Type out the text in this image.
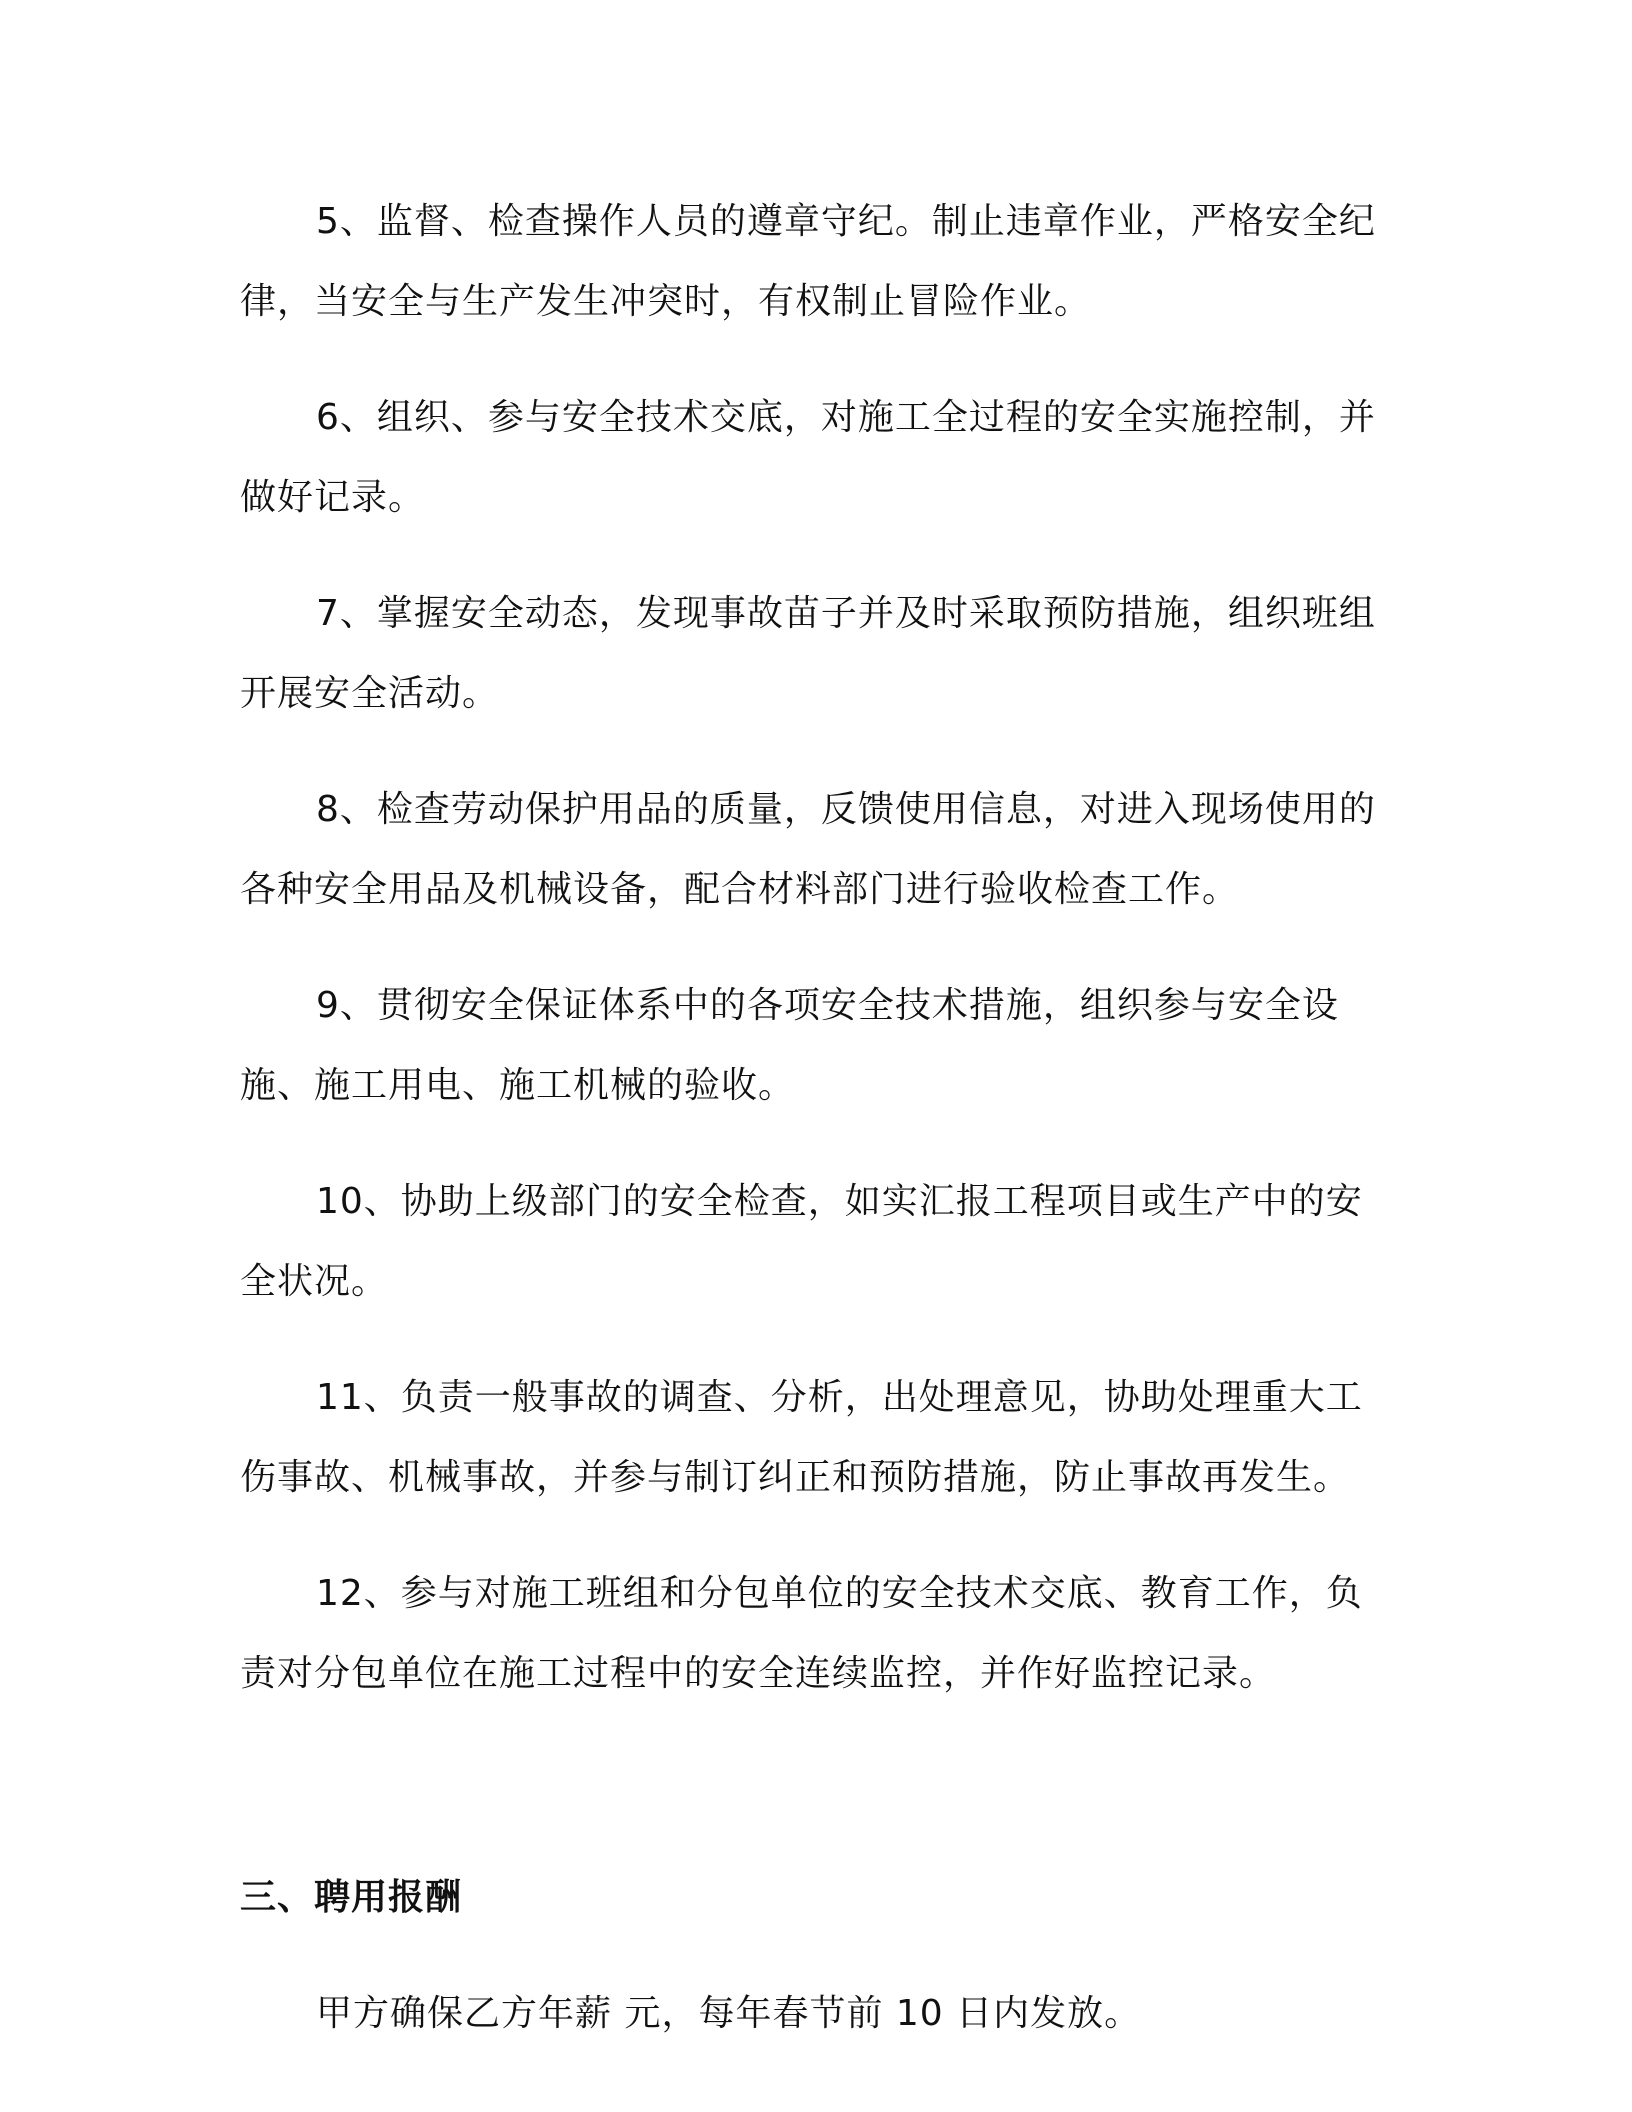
5、监督、检查操作人员的遵章守纪。制止违章作业，严格安全纪律，当安全与生产发生冲突时，有权制止冒险作业。

6、组织、参与安全技术交底，对施工全过程的安全实施控制，并做好记录。

7、掌握安全动态，发现事故苗子并及时采取预防措施，组织班组开展安全活动。

8、检查劳动保护用品的质量，反馈使用信息，对进入现场使用的各种安全用品及机械设备，配合材料部门进行验收检查工作。

9、贯彻安全保证体系中的各项安全技术措施，组织参与安全设施、施工用电、施工机械的验收。

10、协助上级部门的安全检查，如实汇报工程项目或生产中的安全状况。

11、负责一般事故的调查、分析，出处理意见，协助处理重大工伤事故、机械事故，并参与制订纠正和预防措施，防止事故再发生。

12、参与对施工班组和分包单位的安全技术交底、教育工作，负责对分包单位在施工过程中的安全连续监控，并作好监控记录。

三、聘用报酬

甲方确保乙方年薪 元，每年春节前 10 日内发放。
